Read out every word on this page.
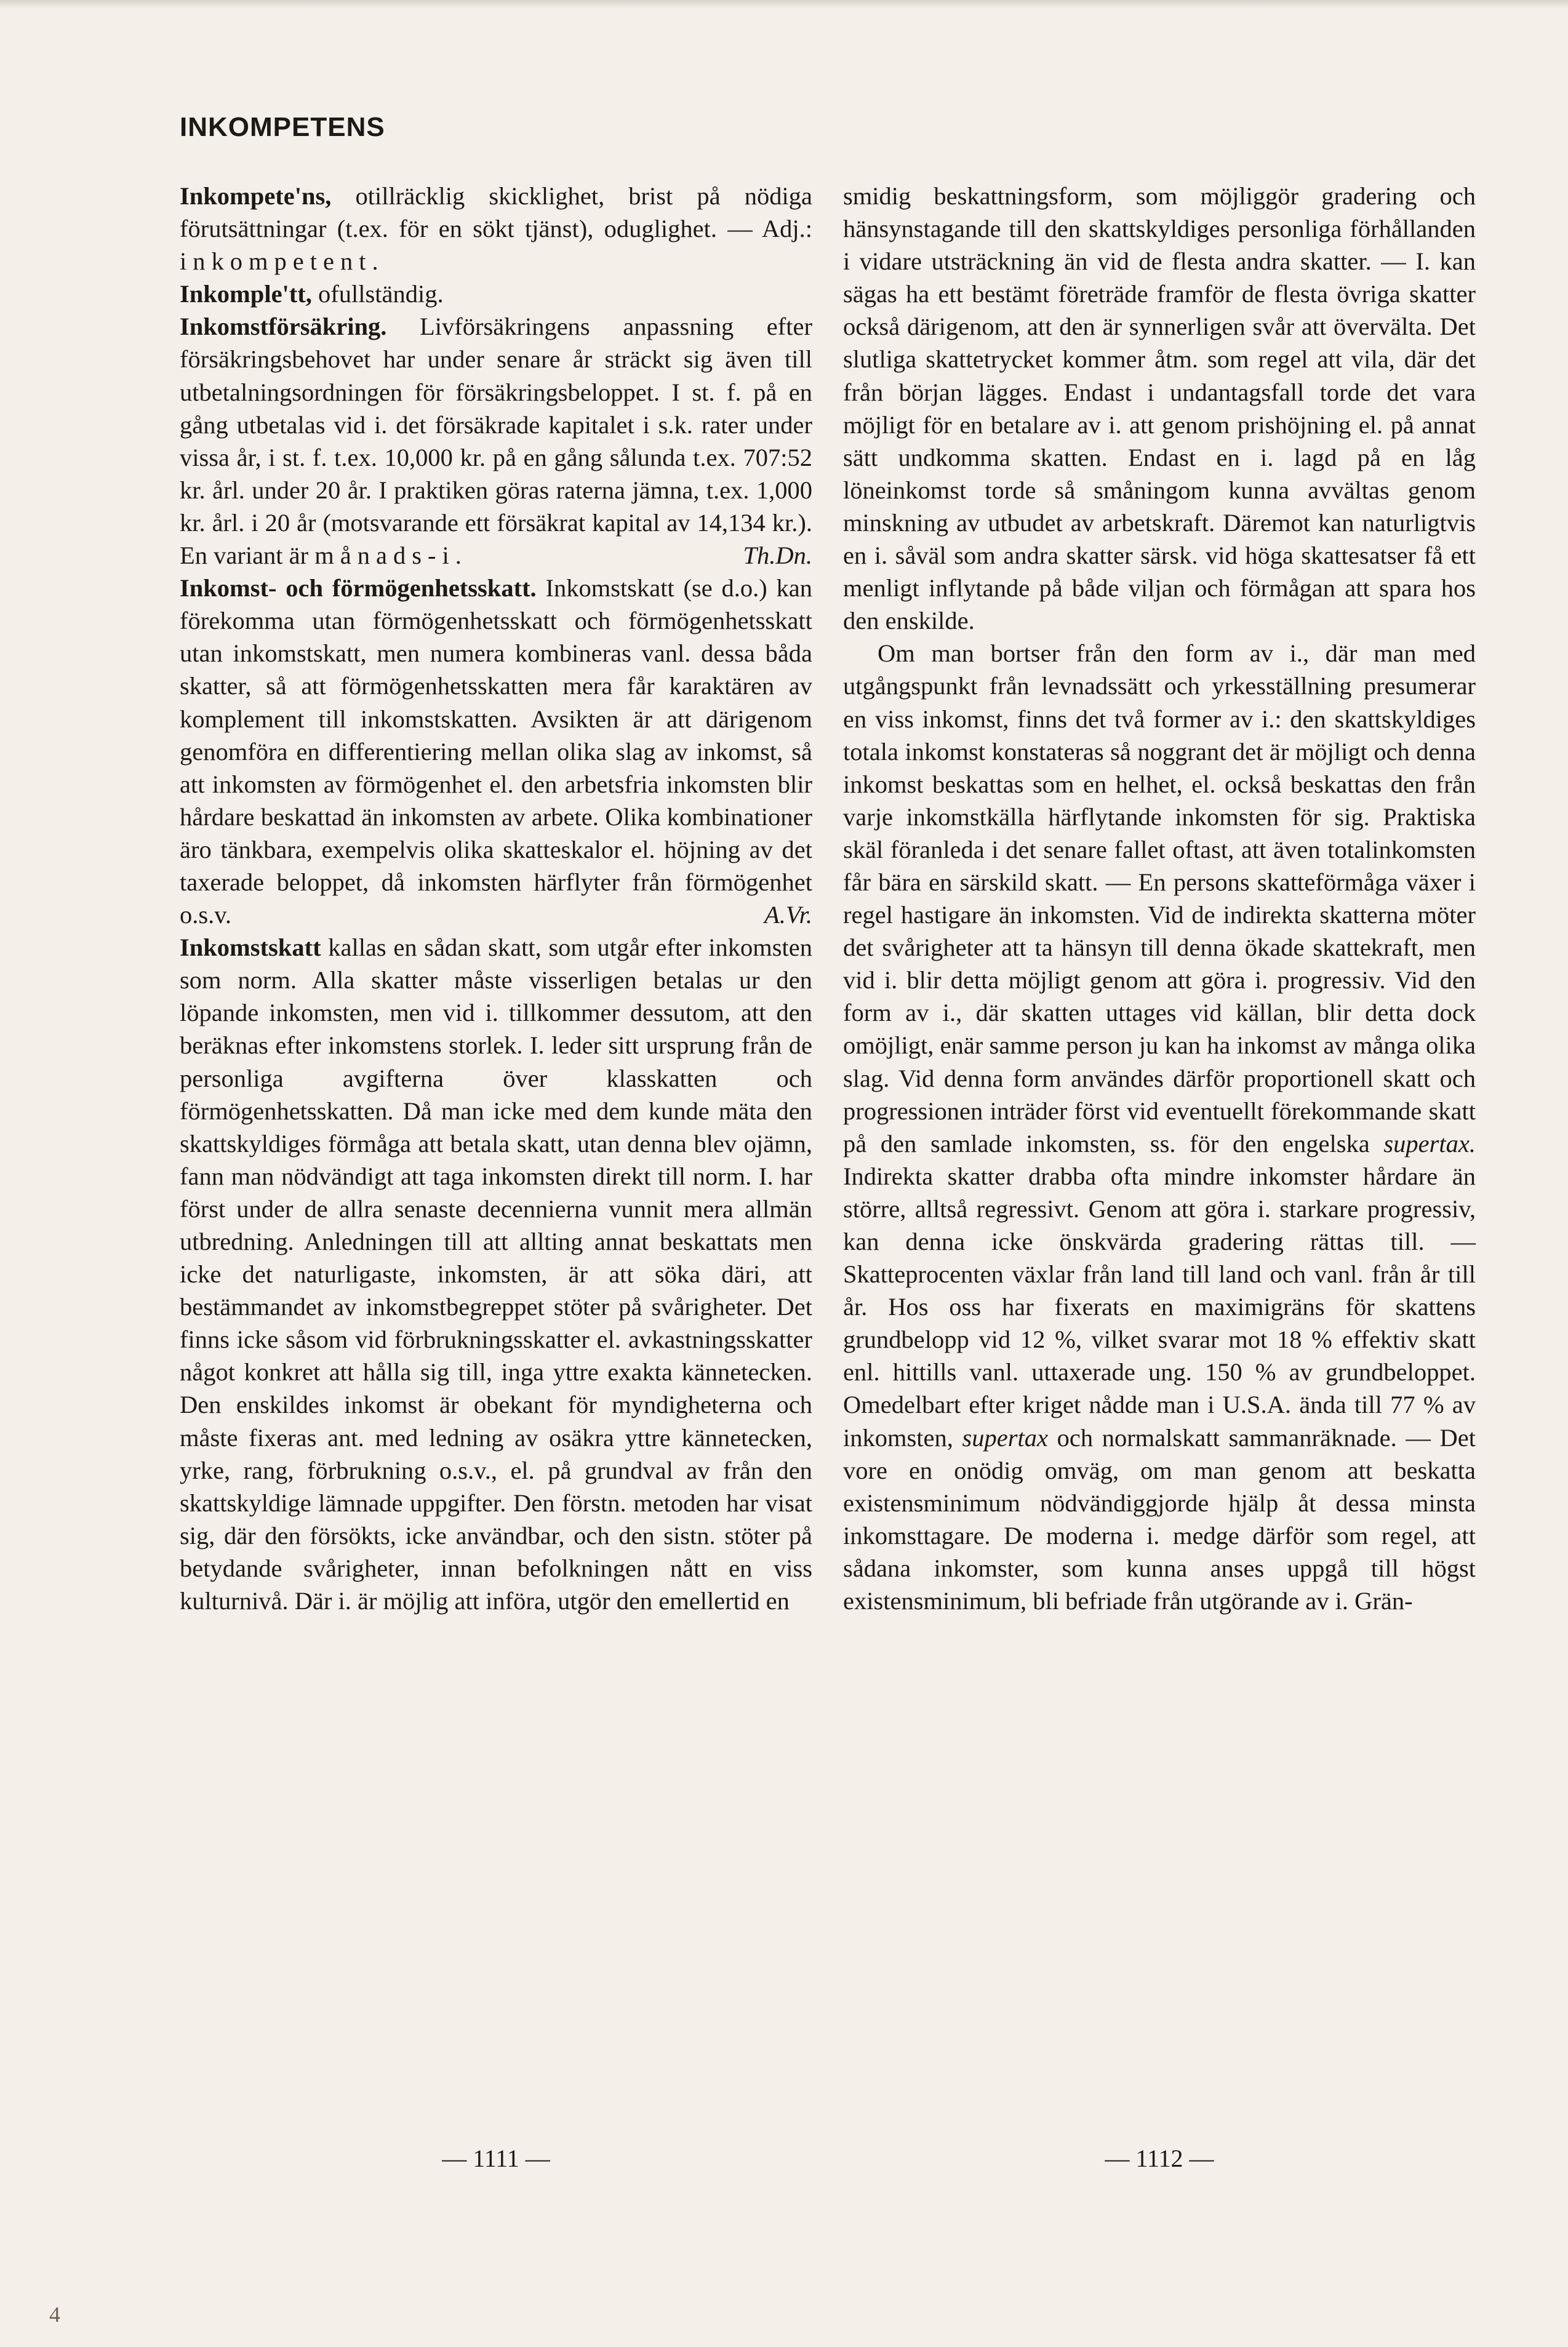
INKOMPETENS

Inkompete'ns, otillräcklig skicklighet, brist på nödiga förutsättningar (t.ex. för en sökt tjänst), oduglighet. — Adj.: inkompetent.

Inkomple'tt, ofullständig.

Inkomstförsäkring. Livförsäkringens anpassning efter försäkringsbehovet har under senare år sträckt sig även till utbetalningsordningen för försäkringsbeloppet. I st. f. på en gång utbetalas vid i. det försäkrade kapitalet i s.k. rater under vissa år, i st. f. t.ex. 10,000 kr. på en gång sålunda t.ex. 707:52 kr. årl. under 20 år. I praktiken göras raterna jämna, t.ex. 1,000 kr. årl. i 20 år (motsvarande ett försäkrat kapital av 14,134 kr.). En variant är månads-i.	Th.Dn.

Inkomst- och förmögenhetsskatt. Inkomstskatt (se d.o.) kan förekomma utan förmögenhetsskatt och förmögenhetsskatt utan inkomstskatt, men numera kombineras vanl. dessa båda skatter, så att förmögenhetsskatten mera får karaktären av komplement till inkomstskatten. Avsikten är att därigenom genomföra en differentiering mellan olika slag av inkomst, så att inkomsten av förmögenhet el. den arbetsfria inkomsten blir hårdare beskattad än inkomsten av arbete. Olika kombinationer äro tänkbara, exempelvis olika skatteskalor el. höjning av det taxerade beloppet, då inkomsten härflyter från förmögenhet o.s.v.	A.Vr.

Inkomstskatt kallas en sådan skatt, som utgår efter inkomsten som norm. Alla skatter måste visserligen betalas ur den löpande inkomsten, men vid i. tillkommer dessutom, att den beräknas efter inkomstens storlek. I. leder sitt ursprung från de personliga avgifterna över klasskatten och förmögenhetsskatten. Då man icke med dem kunde mäta den skattskyldiges förmåga att betala skatt, utan denna blev ojämn, fann man nödvändigt att taga inkomsten direkt till norm. I. har först under de allra senaste decennierna vunnit mera allmän utbredning. Anledningen till att allting annat beskattats men icke det naturligaste, inkomsten, är att söka däri, att bestämmandet av inkomstbegreppet stöter på svårigheter. Det finns icke såsom vid förbrukningsskatter el. avkastningsskatter något konkret att hålla sig till, inga yttre exakta kännetecken. Den enskildes inkomst är obekant för myndigheterna och måste fixeras ant. med ledning av osäkra yttre kännetecken, yrke, rang, förbrukning o.s.v., el. på grundval av från den skattskyldige lämnade uppgifter. Den förstn. metoden har visat sig, där den försökts, icke användbar, och den sistn. stöter på betydande svårigheter, innan befolkningen nått en viss kulturnivå. Där i. är möjlig att införa, utgör den emellertid en

smidig beskattningsform, som möjliggör gradering och hänsynstagande till den skattskyldiges personliga förhållanden i vidare utsträckning än vid de flesta andra skatter. — I. kan sägas ha ett bestämt företräde framför de flesta övriga skatter också därigenom, att den är synnerligen svår att övervälta. Det slutliga skattetrycket kommer åtm. som regel att vila, där det från början lägges. Endast i undantagsfall torde det vara möjligt för en betalare av i. att genom prishöjning el. på annat sätt undkomma skatten. Endast en i. lagd på en låg löneinkomst torde så småningom kunna avvältas genom minskning av utbudet av arbetskraft. Däremot kan naturligtvis en i. såväl som andra skatter särsk. vid höga skattesatser få ett menligt inflytande på både viljan och förmågan att spara hos den enskilde.

Om man bortser från den form av i., där man med utgångspunkt från levnadssätt och yrkesställning presumerar en viss inkomst, finns det två former av i.: den skattskyldiges totala inkomst konstateras så noggrant det är möjligt och denna inkomst beskattas som en helhet, el. också beskattas den från varje inkomstkälla härflytande inkomsten för sig. Praktiska skäl föranleda i det senare fallet oftast, att även totalinkomsten får bära en särskild skatt. — En persons skatteförmåga växer i regel hastigare än inkomsten. Vid de indirekta skatterna möter det svårigheter att ta hänsyn till denna ökade skattekraft, men vid i. blir detta möjligt genom att göra i. progressiv. Vid den form av i., där skatten uttages vid källan, blir detta dock omöjligt, enär samme person ju kan ha inkomst av många olika slag. Vid denna form användes därför proportionell skatt och progressionen inträder först vid eventuellt förekommande skatt på den samlade inkomsten, ss. för den engelska supertax. Indirekta skatter drabba ofta mindre inkomster hårdare än större, alltså regressivt. Genom att göra i. starkare progressiv, kan denna icke önskvärda gradering rättas till. — Skatteprocenten växlar från land till land och vanl. från år till år. Hos oss har fixerats en maximigräns för skattens grundbelopp vid 12 %, vilket svarar mot 18 % effektiv skatt enl. hittills vanl. uttaxerade ung. 150 % av grundbeloppet. Omedelbart efter kriget nådde man i U.S.A. ända till 77 % av inkomsten, supertax och normalskatt sammanräknade. — Det vore en onödig omväg, om man genom att beskatta existensminimum nödvändiggjorde hjälp åt dessa minsta inkomsttagare. De moderna i. medge därför som regel, att sådana inkomster, som kunna anses uppgå till högst existensminimum, bli befriade från utgörande av i. Grän-

— 1111 —	— 1112 —
4
